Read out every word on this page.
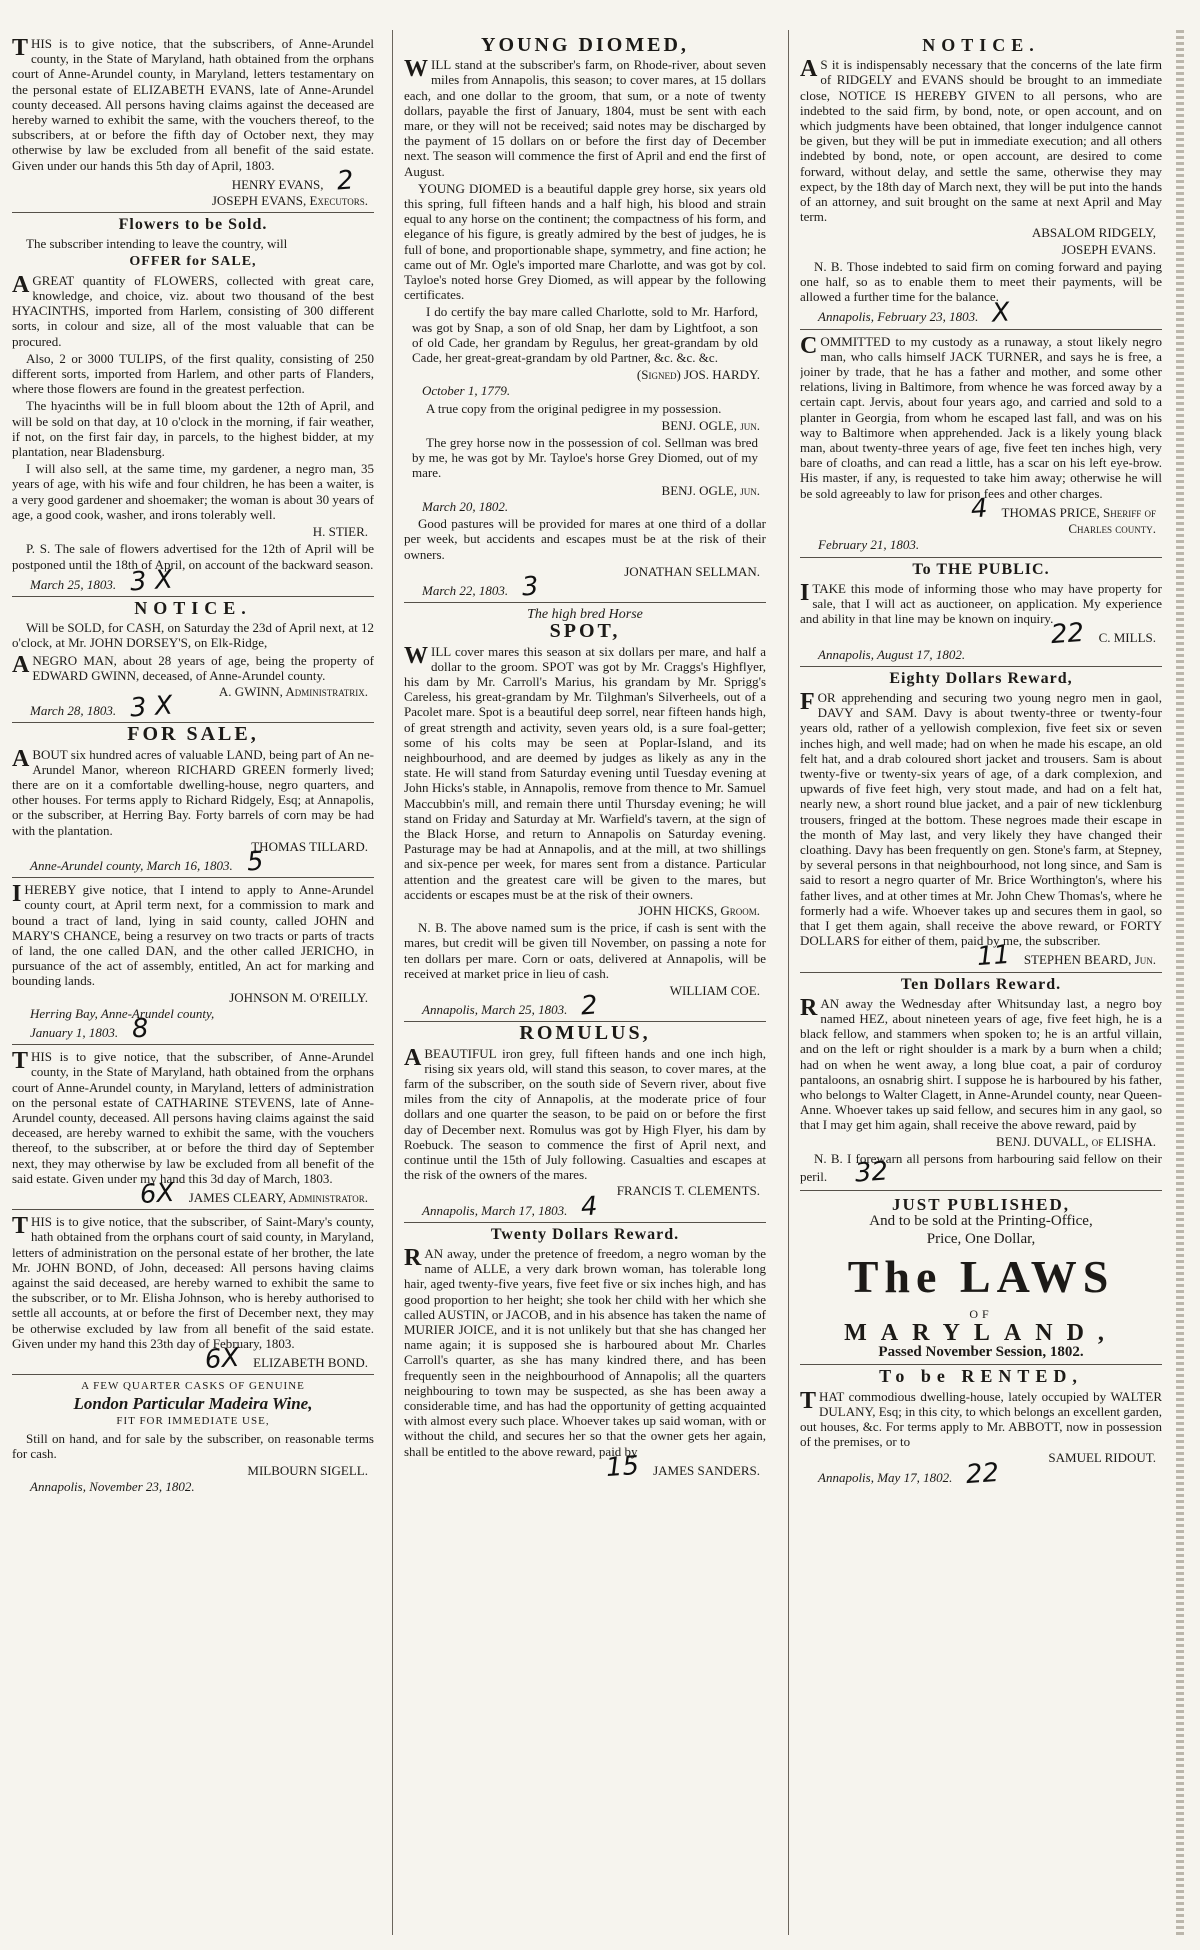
THIS is to give notice, that the subscribers, of Anne-Arundel county, in the State of Maryland, hath obtained from the orphans court of Anne-Arundel county, in Maryland, letters testamentary on the personal estate of ELIZABETH EVANS, late of Anne-Arundel county deceased. All persons having claims against the deceased are hereby warned to exhibit the same, with the vouchers thereof, to the subscribers, at or before the fifth day of October next, they may otherwise by law be excluded from all benefit of the said estate. Given under our hands this 5th day of April, 1803.

HENRY EVANS, 2
JOSEPH EVANS, Executors.
Flowers to be Sold.
The subscriber intending to leave the country, will
OFFER for SALE,

AGREAT quantity of FLOWERS, collected with great care, knowledge, and choice, viz. about two thousand of the best HYACINTHS, imported from Harlem, consisting of 300 different sorts, in colour and size, all of the most valuable that can be procured.

Also, 2 or 3000 TULIPS, of the first quality, consisting of 250 different sorts, imported from Harlem, and other parts of Flanders, where those flowers are found in the greatest perfection.
The hyacinths will be in full bloom about the 12th of April, and will be sold on that day, at 10 o'clock in the morning, if fair weather, if not, on the first fair day, in parcels, to the highest bidder, at my plantation, near Bladensburg.
I will also sell, at the same time, my gardener, a negro man, 35 years of age, with his wife and four children, he has been a waiter, is a very good gardener and shoemaker; the woman is about 30 years of age, a good cook, washer, and irons tolerably well.
H. STIER.
P. S. The sale of flowers advertised for the 12th of April will be postponed until the 18th of April, on account of the backward season.
March 25, 1803. 3 X
NOTICE.
Will be SOLD, for CASH, on Saturday the 23d of April next, at 12 o'clock, at Mr. JOHN DORSEY'S, on Elk-Ridge,

ANEGRO MAN, about 28 years of age, being the property of EDWARD GWINN, deceased, of Anne-Arundel county.

A. GWINN, Administratrix.
March 28, 1803. 3 X
FOR SALE,

ABOUT six hundred acres of valuable LAND, being part of An ne-Arundel Manor, whereon RICHARD GREEN formerly lived; there are on it a comfortable dwelling-house, negro quarters, and other houses. For terms apply to Richard Ridgely, Esq; at Annapolis, or the subscriber, at Herring Bay. Forty barrels of corn may be had with the plantation.

THOMAS TILLARD.
Anne-Arundel county, March 16, 1803. 5

IHEREBY give notice, that I intend to apply to Anne-Arundel county court, at April term next, for a commission to mark and bound a tract of land, lying in said county, called JOHN and MARY'S CHANCE, being a resurvey on two tracts or parts of tracts of land, the one called DAN, and the other called JERICHO, in pursuance of the act of assembly, entitled, An act for marking and bounding lands.

JOHNSON M. O'REILLY.
Herring Bay, Anne-Arundel county,
January 1, 1803. 8

THIS is to give notice, that the subscriber, of Anne-Arundel county, in the State of Maryland, hath obtained from the orphans court of Anne-Arundel county, in Maryland, letters of administration on the personal estate of CATHARINE STEVENS, late of Anne-Arundel county, deceased. All persons having claims against the said deceased, are hereby warned to exhibit the same, with the vouchers thereof, to the subscriber, at or before the third day of September next, they may otherwise by law be excluded from all benefit of the said estate. Given under my hand this 3d day of March, 1803.

6X JAMES CLEARY, Administrator.

THIS is to give notice, that the subscriber, of Saint-Mary's county, hath obtained from the orphans court of said county, in Maryland, letters of administration on the personal estate of her brother, the late Mr. JOHN BOND, of John, deceased: All persons having claims against the said deceased, are hereby warned to exhibit the same to the subscriber, or to Mr. Elisha Johnson, who is hereby authorised to settle all accounts, at or before the first of December next, they may be otherwise excluded by law from all benefit of the said estate. Given under my hand this 23th day of February, 1803.

6X ELIZABETH BOND.
A FEW QUARTER CASKS OF GENUINE
London Particular Madeira Wine,
FIT FOR IMMEDIATE USE,
Still on hand, and for sale by the subscriber, on reasonable terms for cash.
MILBOURN SIGELL.
Annapolis, November 23, 1802.
YOUNG DIOMED,

WILL stand at the subscriber's farm, on Rhode-river, about seven miles from Annapolis, this season; to cover mares, at 15 dollars each, and one dollar to the groom, that sum, or a note of twenty dollars, payable the first of January, 1804, must be sent with each mare, or they will not be received; said notes may be discharged by the payment of 15 dollars on or before the first day of December next. The season will commence the first of April and end the first of August.

YOUNG DIOMED is a beautiful dapple grey horse, six years old this spring, full fifteen hands and a half high, his blood and strain equal to any horse on the continent; the compactness of his form, and elegance of his figure, is greatly admired by the best of judges, he is full of bone, and proportionable shape, symmetry, and fine action; he came out of Mr. Ogle's imported mare Charlotte, and was got by col. Tayloe's noted horse Grey Diomed, as will appear by the following certificates.
I do certify the bay mare called Charlotte, sold to Mr. Harford, was got by Snap, a son of old Snap, her dam by Lightfoot, a son of old Cade, her grandam by Regulus, her great-grandam by old Cade, her great-great-grandam by old Partner, &c. &c. &c.
(Signed) JOS. HARDY.
October 1, 1779.
A true copy from the original pedigree in my possession.
BENJ. OGLE, jun.
The grey horse now in the possession of col. Sellman was bred by me, he was got by Mr. Tayloe's horse Grey Diomed, out of my mare.
BENJ. OGLE, jun.
March 20, 1802.
Good pastures will be provided for mares at one third of a dollar per week, but accidents and escapes must be at the risk of their owners.
JONATHAN SELLMAN.
March 22, 1803. 3
The high bred Horse
SPOT,

WILL cover mares this season at six dollars per mare, and half a dollar to the groom. SPOT was got by Mr. Craggs's Highflyer, his dam by Mr. Carroll's Marius, his grandam by Mr. Sprigg's Careless, his great-grandam by Mr. Tilghman's Silverheels, out of a Pacolet mare. Spot is a beautiful deep sorrel, near fifteen hands high, of great strength and activity, seven years old, is a sure foal-getter; some of his colts may be seen at Poplar-Island, and its neighbourhood, and are deemed by judges as likely as any in the state. He will stand from Saturday evening until Tuesday evening at John Hicks's stable, in Annapolis, remove from thence to Mr. Samuel Maccubbin's mill, and remain there until Thursday evening; he will stand on Friday and Saturday at Mr. Warfield's tavern, at the sign of the Black Horse, and return to Annapolis on Saturday evening. Pasturage may be had at Annapolis, and at the mill, at two shillings and six-pence per week, for mares sent from a distance. Particular attention and the greatest care will be given to the mares, but accidents or escapes must be at the risk of their owners.

JOHN HICKS, Groom.
N. B. The above named sum is the price, if cash is sent with the mares, but credit will be given till November, on passing a note for ten dollars per mare. Corn or oats, delivered at Annapolis, will be received at market price in lieu of cash.
WILLIAM COE.
Annapolis, March 25, 1803. 2
ROMULUS,

ABEAUTIFUL iron grey, full fifteen hands and one inch high, rising six years old, will stand this season, to cover mares, at the farm of the subscriber, on the south side of Severn river, about five miles from the city of Annapolis, at the moderate price of four dollars and one quarter the season, to be paid on or before the first day of December next. Romulus was got by High Flyer, his dam by Roebuck. The season to commence the first of April next, and continue until the 15th of July following. Casualties and escapes at the risk of the owners of the mares.

FRANCIS T. CLEMENTS.
Annapolis, March 17, 1803. 4
Twenty Dollars Reward.

RAN away, under the pretence of freedom, a negro woman by the name of ALLE, a very dark brown woman, has tolerable long hair, aged twenty-five years, five feet five or six inches high, and has good proportion to her height; she took her child with her which she called AUSTIN, or JACOB, and in his absence has taken the name of MURIER JOICE, and it is not unlikely but that she has changed her name again; it is supposed she is harboured about Mr. Charles Carroll's quarter, as she has many kindred there, and has been frequently seen in the neighbourhood of Annapolis; all the quarters neighbouring to town may be suspected, as she has been away a considerable time, and has had the opportunity of getting acquainted with almost every such place. Whoever takes up said woman, with or without the child, and secures her so that the owner gets her again, shall be entitled to the above reward, paid by

15 JAMES SANDERS.
NOTICE.

AS it is indispensably necessary that the concerns of the late firm of RIDGELY and EVANS should be brought to an immediate close, NOTICE IS HEREBY GIVEN to all persons, who are indebted to the said firm, by bond, note, or open account, and on which judgments have been obtained, that longer indulgence cannot be given, but they will be put in immediate execution; and all others indebted by bond, note, or open account, are desired to come forward, without delay, and settle the same, otherwise they may expect, by the 18th day of March next, they will be put into the hands of an attorney, and suit brought on the same at next April and May term.

ABSALOM RIDGELY,
JOSEPH EVANS.
N. B. Those indebted to said firm on coming forward and paying one half, so as to enable them to meet their payments, will be allowed a further time for the balance.
Annapolis, February 23, 1803. X

COMMITTED to my custody as a runaway, a stout likely negro man, who calls himself JACK TURNER, and says he is free, a joiner by trade, that he has a father and mother, and some other relations, living in Baltimore, from whence he was forced away by a certain capt. Jervis, about four years ago, and carried and sold to a planter in Georgia, from whom he escaped last fall, and was on his way to Baltimore when apprehended. Jack is a likely young black man, about twenty-three years of age, five feet ten inches high, very bare of cloaths, and can read a little, has a scar on his left eye-brow. His master, if any, is requested to take him away; otherwise he will be sold agreeably to law for prison fees and other charges.

4 THOMAS PRICE, Sheriff of
Charles county.
February 21, 1803.
To THE PUBLIC.

ITAKE this mode of informing those who may have property for sale, that I will act as auctioneer, on application. My experience and ability in that line may be known on inquiry.

22 C. MILLS.
Annapolis, August 17, 1802.
Eighty Dollars Reward,

FOR apprehending and securing two young negro men in gaol, DAVY and SAM. Davy is about twenty-three or twenty-four years old, rather of a yellowish complexion, five feet six or seven inches high, and well made; had on when he made his escape, an old felt hat, and a drab coloured short jacket and trousers. Sam is about twenty-five or twenty-six years of age, of a dark complexion, and upwards of five feet high, very stout made, and had on a felt hat, nearly new, a short round blue jacket, and a pair of new ticklenburg trousers, fringed at the bottom. These negroes made their escape in the month of May last, and very likely they have changed their cloathing. Davy has been frequently on gen. Stone's farm, at Stepney, by several persons in that neighbourhood, not long since, and Sam is said to resort a negro quarter of Mr. Brice Worthington's, where his father lives, and at other times at Mr. John Chew Thomas's, where he formerly had a wife. Whoever takes up and secures them in gaol, so that I get them again, shall receive the above reward, or FORTY DOLLARS for either of them, paid by me, the subscriber.

11 STEPHEN BEARD, Jun.
Ten Dollars Reward.

RAN away the Wednesday after Whitsunday last, a negro boy named HEZ, about nineteen years of age, five feet high, he is a black fellow, and stammers when spoken to; he is an artful villain, and on the left or right shoulder is a mark by a burn when a child; had on when he went away, a long blue coat, a pair of corduroy pantaloons, an osnabrig shirt. I suppose he is harboured by his father, who belongs to Walter Clagett, in Anne-Arundel county, near Queen-Anne. Whoever takes up said fellow, and secures him in any gaol, so that I may get him again, shall receive the above reward, paid by

BENJ. DUVALL, of ELISHA.
N. B. I forewarn all persons from harbouring said fellow on their peril. 32
JUST PUBLISHED,
And to be sold at the Printing-Office,
Price, One Dollar,
The LAWS
OF
MARYLAND,
Passed November Session, 1802.
To be RENTED,

THAT commodious dwelling-house, lately occupied by WALTER DULANY, Esq; in this city, to which belongs an excellent garden, out houses, &c. For terms apply to Mr. ABBOTT, now in possession of the premises, or to

SAMUEL RIDOUT.
Annapolis, May 17, 1802. 22
